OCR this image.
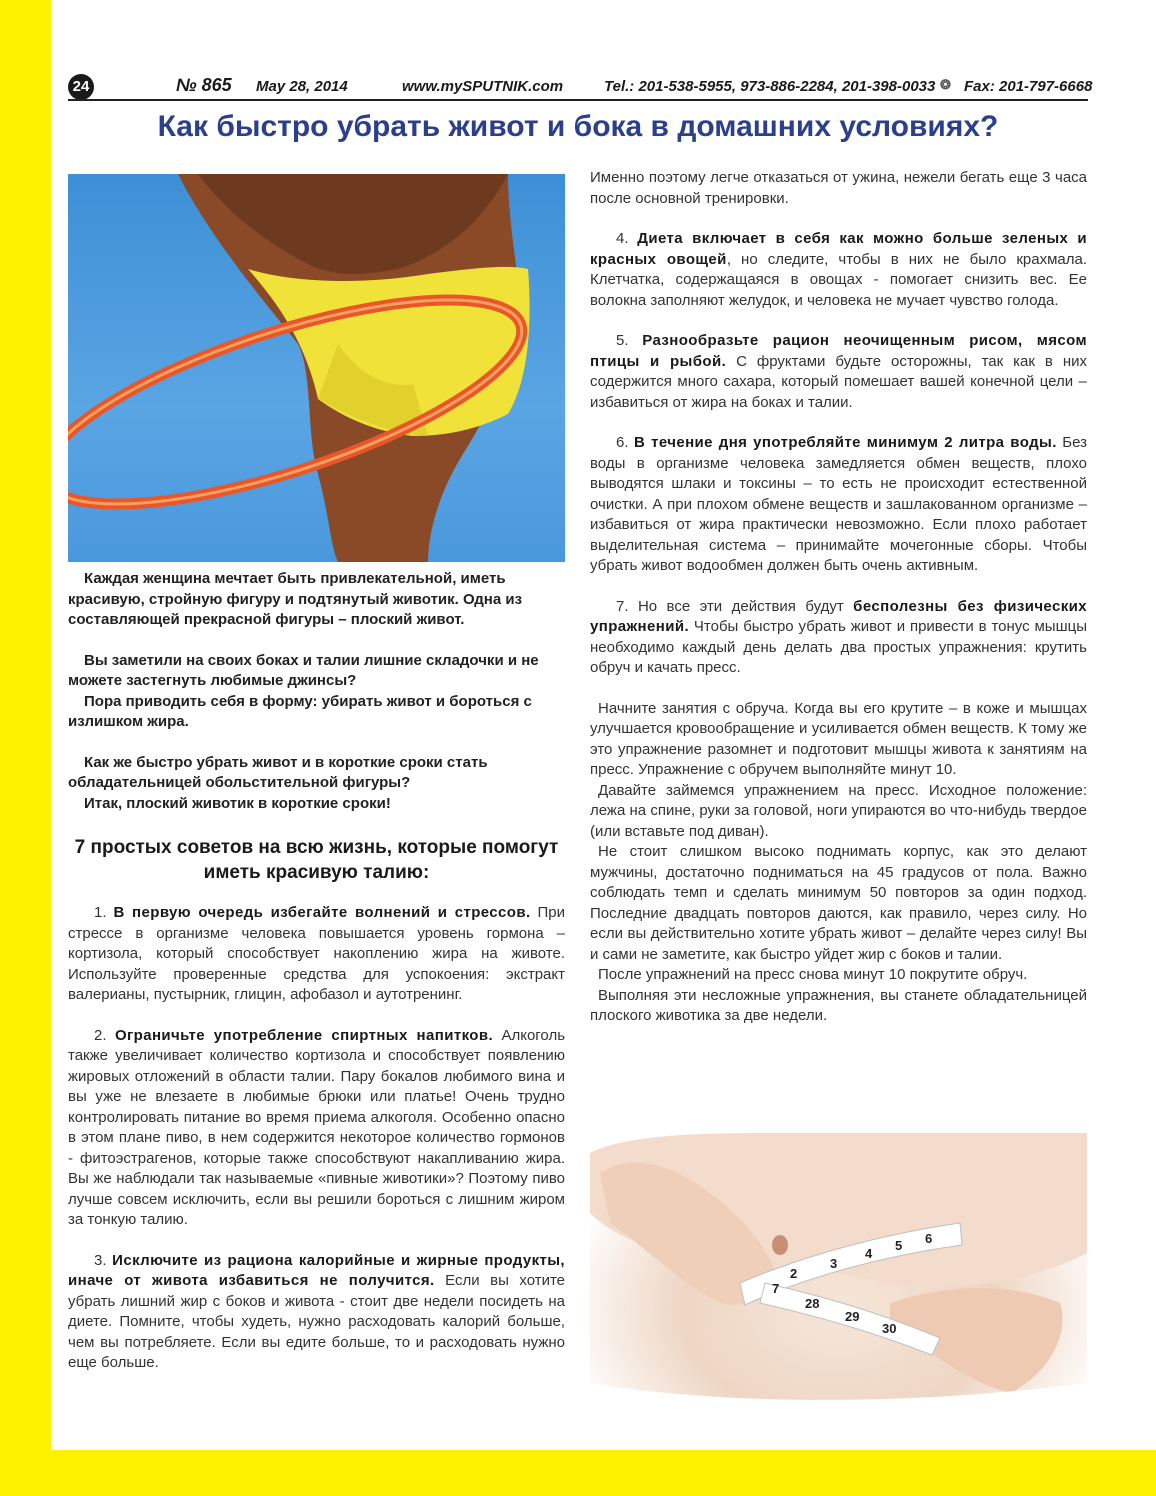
24	№ 865 May 28, 2014	www.mySPUTNIK.com	Tel.: 201-538-5955, 973-886-2284, 201-398-0033 ❂ Fax: 201-797-6668
Как быстро убрать живот и бока в домашних условиях?

Каждая женщина мечтает быть привлекательной, иметь красивую, стройную фигуру и подтянутый животик. Одна из составляющей прекрасной фигуры – плоский живот.

Вы заметили на своих боках и талии лишние складочки и не можете застегнуть любимые джинсы?

Пора приводить себя в форму: убирать живот и бороться с излишком жира.

Как же быстро убрать живот и в короткие сроки стать обладательницей обольстительной фигуры?

Итак, плоский животик в короткие сроки!

7 простых советов на всю жизнь, которые помогут иметь красивую талию:

1. В первую очередь избегайте волнений и стрессов. При стрессе в организме человека повышается уровень гормона – кортизола, который способствует накоплению жира на животе. Используйте проверенные средства для успокоения: экстракт валерианы, пустырник, глицин, афобазол и аутотренинг.

2. Ограничьте употребление спиртных напитков. Алкоголь также увеличивает количество кортизола и способствует появлению жировых отложений в области талии. Пару бокалов любимого вина и вы уже не влезаете в любимые брюки или платье! Очень трудно контролировать питание во время приема алкоголя. Особенно опасно в этом плане пиво, в нем содержится некоторое количество гормонов - фитоэстрагенов, которые также способствуют накапливанию жира. Вы же наблюдали так называемые «пивные животики»? Поэтому пиво лучше совсем исключить, если вы решили бороться с лишним жиром за тонкую талию.

3. Исключите из рациона калорийные и жирные продукты, иначе от живота избавиться не получится. Если вы хотите убрать лишний жир с боков и живота - стоит две недели посидеть на диете. Помните, чтобы худеть, нужно расходовать калорий больше, чем вы потребляете. Если вы едите больше, то и расходовать нужно еще больше.

Именно поэтому легче отказаться от ужина, нежели бегать еще 3 часа после основной тренировки.

4. Диета включает в себя как можно больше зеленых и красных овощей, но следите, чтобы в них не было крахмала. Клетчатка, содержащаяся в овощах - помогает снизить вес. Ее волокна заполняют желудок, и человека не мучает чувство голода.

5. Разнообразьте рацион неочищенным рисом, мясом птицы и рыбой. С фруктами будьте осторожны, так как в них содержится много сахара, который помешает вашей конечной цели – избавиться от жира на боках и талии.

6. В течение дня употребляйте минимум 2 литра воды. Без воды в организме человека замедляется обмен веществ, плохо выводятся шлаки и токсины – то есть не происходит естественной очистки. А при плохом обмене веществ и зашлакованном организме – избавиться от жира практически невозможно. Если плохо работает выделительная система – принимайте мочегонные сборы. Чтобы убрать живот водообмен должен быть очень активным.

7. Но все эти действия будут бесполезны без физических упражнений. Чтобы быстро убрать живот и привести в тонус мышцы необходимо каждый день делать два простых упражнения: крутить обруч и качать пресс.

Начните занятия с обруча. Когда вы его крутите – в коже и мышцах улучшается кровообращение и усиливается обмен веществ. К тому же это упражнение разомнет и подготовит мышцы живота к занятиям на пресс. Упражнение с обручем выполняйте минут 10.

Давайте займемся упражнением на пресс. Исходное положение: лежа на спине, руки за головой, ноги упираются во что-нибудь твердое (или вставьте под диван).

Не стоит слишком высоко поднимать корпус, как это делают мужчины, достаточно подниматься на 45 градусов от пола. Важно соблюдать темп и сделать минимум 50 повторов за один подход. Последние двадцать повторов даются, как правило, через силу. Но если вы действительно хотите убрать живот – делайте через силу! Вы и сами не заметите, как быстро уйдет жир с боков и талии.

После упражнений на пресс снова минут 10 покрутите обруч.

Выполняя эти несложные упражнения, вы станете обладательницей плоского животика за две недели.

2
3
4
5 6
7
28
29
30
